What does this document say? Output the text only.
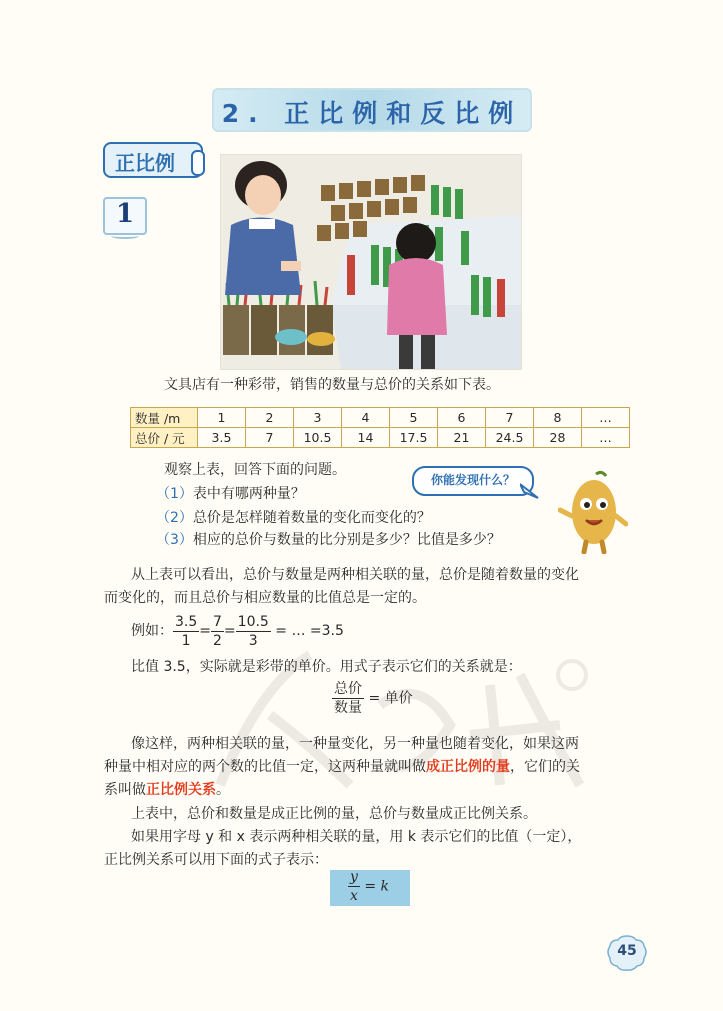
2. 正比例和反比例
正比例
1
文具店有一种彩带，销售的数量与总价的关系如下表。
数量 /m	1	2	3	4	5	6	7	8	…
总价 / 元	3.5	7	10.5	14	17.5	21	24.5	28	…
观察上表，回答下面的问题。
（1）表中有哪两种量？
（2）总价是怎样随着数量的变化而变化的？
（3）相应的总价与数量的比分别是多少？比值是多少？
你能发现什么？
从上表可以看出，总价与数量是两种相关联的量，总价是随着数量的变化
而变化的，而且总价与相应数量的比值总是一定的。
例如： $\frac{3.5}{1} = \frac{7}{2} = \frac{10.5}{3}$ = … =3.5
比值 3.5，实际就是彩带的单价。用式子表示它们的关系就是：
$\frac{\text{总价}}{\text{数量}}$ = 单价
像这样，两种相关联的量，一种量变化，另一种量也随着变化，如果这两
种量中相对应的两个数的比值一定，这两种量就叫做成正比例的量，它们的关
系叫做正比例关系。
上表中，总价和数量是成正比例的量，总价与数量成正比例关系。
如果用字母 y 和 x 表示两种相关联的量，用 k 表示它们的比值（一定），
正比例关系可以用下面的式子表示：
$\frac{y}{x} = k$
45
